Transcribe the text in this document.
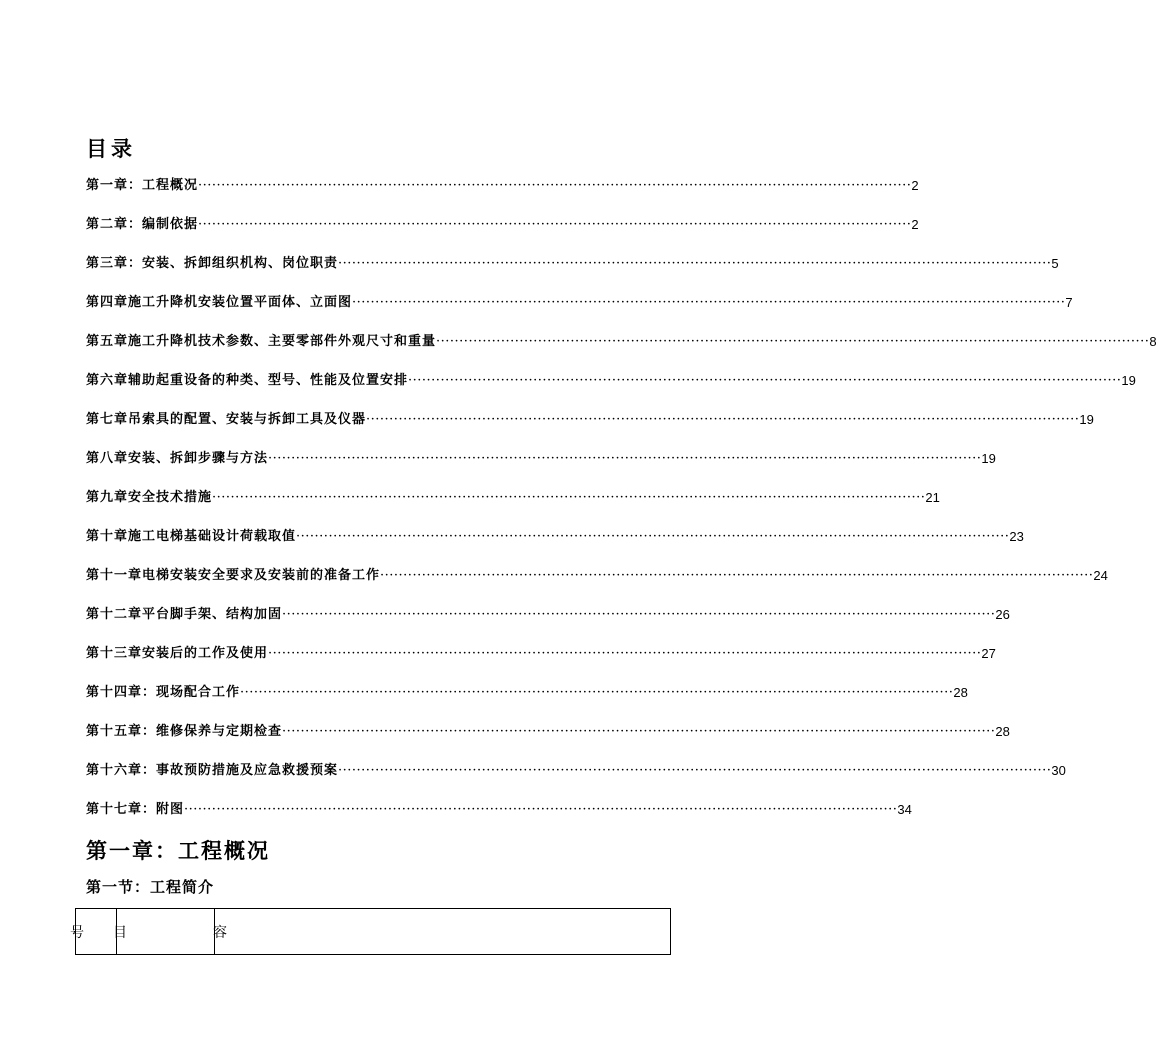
目录
第一章：工程概况 ·····	2
第二章：编制依据 ·····	2
第三章：安装、拆卸组织机构、岗位职责 ·····	5
第四章施工升降机安装位置平面体、立面图 ·····	7
第五章施工升降机技术参数、主要零部件外观尺寸和重量 ·····	8
第六章辅助起重设备的种类、型号、性能及位置安排 ·····	19
第七章吊索具的配置、安装与拆卸工具及仪器 ·····	19
第八章安装、拆卸步骤与方法 ·····	19
第九章安全技术措施 ·····	21
第十章施工电梯基础设计荷载取值 ·····	23
第十一章电梯安装安全要求及安装前的准备工作 ·····	24
第十二章平台脚手架、结构加固 ·····	26
第十三章安装后的工作及使用 ·····	27
第十四章：现场配合工作 ·····	28
第十五章：维修保养与定期检查 ·····	28
第十六章：事故预防措施及应急救援预案 ·····	30
第十七章：附图 ·····	34
第一章：工程概况
第一节：工程简介
号	目	容
